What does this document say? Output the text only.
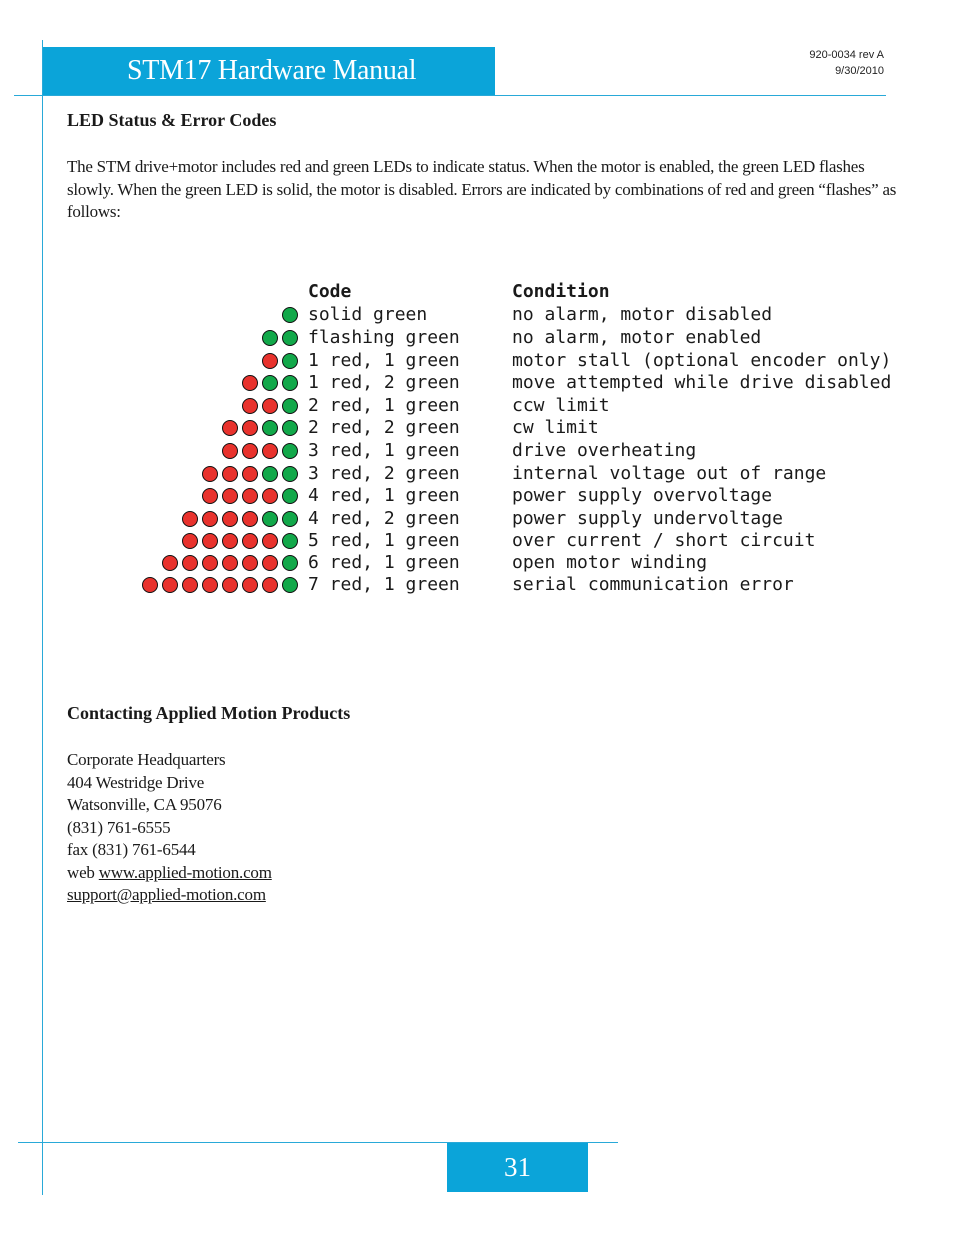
STM17 Hardware Manual	920-0034 rev A
9/30/2010
LED Status & Error Codes
The STM drive+motor includes red and green LEDs to indicate status. When the motor is enabled, the green LED flashes slowly. When the green LED is solid, the motor is disabled. Errors are indicated by combinations of red and green “flashes” as follows:
Code	Condition
solid green	no alarm, motor disabled
flashing green	no alarm, motor enabled
1 red, 1 green	motor stall (optional encoder only)
1 red, 2 green	move attempted while drive disabled
2 red, 1 green	ccw limit
2 red, 2 green	cw limit
3 red, 1 green	drive overheating
3 red, 2 green	internal voltage out of range
4 red, 1 green	power supply overvoltage
4 red, 2 green	power supply undervoltage
5 red, 1 green	over current / short circuit
6 red, 1 green	open motor winding
7 red, 1 green	serial communication error
Contacting Applied Motion Products
Corporate Headquarters
404 Westridge Drive
Watsonville, CA 95076
(831) 761-6555
fax (831) 761-6544
web www.applied-motion.com
support@applied-motion.com
31
